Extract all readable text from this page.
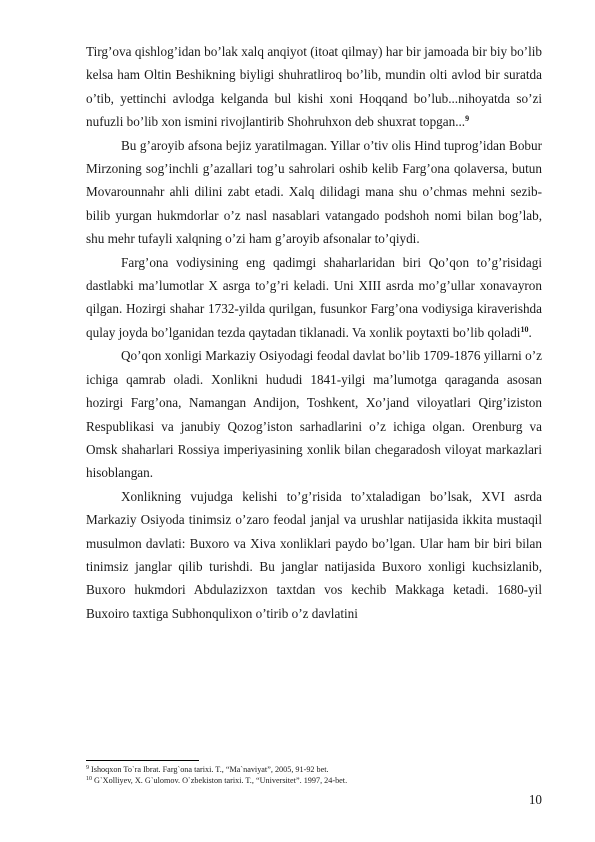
Tirg’ova qishlog’idan bo’lak xalq anqiyot (itoat qilmay) har bir jamoada bir biy bo’lib kelsa ham Oltin Beshikning biyligi shuhratliroq bo’lib, mundin olti avlod bir suratda o’tib, yettinchi avlodga kelganda bul kishi xoni Hoqqand bo’lub...nihoyatda so’zi nufuzli bo’lib xon ismini rivojlantirib Shohruhxon deb shuxrat topgan...$^9$

Bu g’aroyib afsona bejiz yaratilmagan. Yillar o’tiv olis Hind tuprog’idan Bobur Mirzoning sog’inchli g’azallari tog’u sahrolari oshib kelib Farg’ona qolaversa, butun Movarounnahr ahli dilini zabt etadi. Xalq dilidagi mana shu o’chmas mehni sezib-bilib yurgan hukmdorlar o’z nasl nasablari vatangado podshoh nomi bilan bog’lab, shu mehr tufayli xalqning o’zi ham g’aroyib afsonalar to’qiydi.

Farg’ona vodiysining eng qadimgi shaharlaridan biri Qo’qon to’g’risidagi dastlabki ma’lumotlar X asrga to’g’ri keladi. Uni XIII asrda mo’g’ullar xonavayron qilgan. Hozirgi shahar 1732-yilda qurilgan, fusunkor Farg’ona vodiysiga kiraverishda qulay joyda bo’lganidan tezda qaytadan tiklanadi. Va xonlik poytaxti bo’lib qoladi$^{10}$.

Qo’qon xonligi Markaziy Osiyodagi feodal davlat bo’lib 1709-1876 yillarni o’z ichiga qamrab oladi. Xonlikni hududi 1841-yilgi ma’lumotga qaraganda asosan hozirgi Farg’ona, Namangan Andijon, Toshkent, Xo’jand viloyatlari Qirg’iziston Respublikasi va janubiy Qozog’iston sarhadlarini o’z ichiga olgan. Orenburg va Omsk shaharlari Rossiya imperiyasining xonlik bilan chegaradosh viloyat markazlari hisoblangan.

Xonlikning vujudga kelishi to’g’risida to’xtaladigan bo’lsak, XVI asrda Markaziy Osiyoda tinimsiz o’zaro feodal janjal va urushlar natijasida ikkita mustaqil musulmon davlati: Buxoro va Xiva xonliklari paydo bo’lgan. Ular ham bir biri bilan tinimsiz janglar qilib turishdi. Bu janglar natijasida Buxoro xonligi kuchsizlanib, Buxoro hukmdori Abdulazizxon taxtdan vos kechib Makkaga ketadi. 1680-yil Buxoiro taxtiga Subhonqulixon o’tirib o’z davlatini

$^9$ Ishoqxon To`ra Ibrat. Farg`ona tarixi. T., “Ma`naviyat”, 2005, 91-92 bet.
$^{10}$ G`Xolliyev, X. G`ulomov. O`zbekiston tarixi. T., “Universitet”. 1997, 24-bet.
10
